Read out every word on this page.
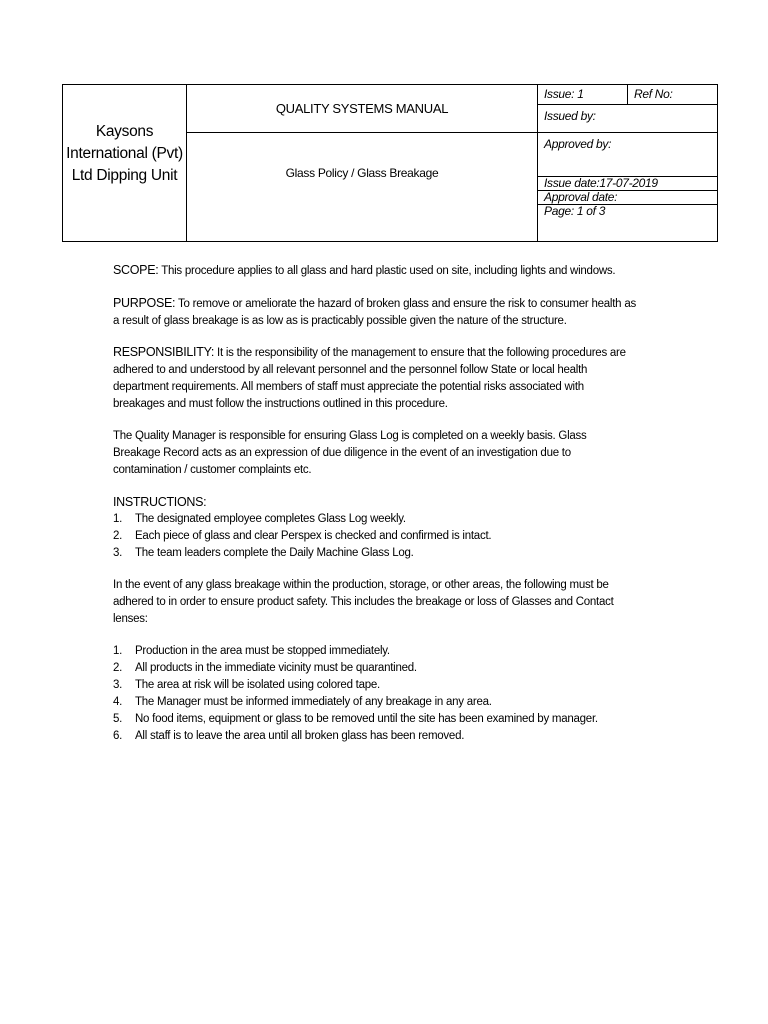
Kaysons
International (Pvt)
Ltd Dipping Unit
QUALITY SYSTEMS MANUAL
Glass Policy / Glass Breakage
Issue: 1	Ref No:
Issued by:
Approved by:
Issue date:17-07-2019
Approval date:
Page: 1 of 3

SCOPE: This procedure applies to all glass and hard plastic used on site, including lights and windows.

PURPOSE: To remove or ameliorate the hazard of broken glass and ensure the risk to consumer health as a result of glass breakage is as low as is practicably possible given the nature of the structure.

RESPONSIBILITY: It is the responsibility of the management to ensure that the following procedures are adhered to and understood by all relevant personnel and the personnel follow State or local health department requirements. All members of staff must appreciate the potential risks associated with breakages and must follow the instructions outlined in this procedure.

The Quality Manager is responsible for ensuring Glass Log is completed on a weekly basis. Glass Breakage Record acts as an expression of due diligence in the event of an investigation due to contamination / customer complaints etc.

INSTRUCTIONS:
1. The designated employee completes Glass Log weekly.
2. Each piece of glass and clear Perspex is checked and confirmed is intact.
3. The team leaders complete the Daily Machine Glass Log.

In the event of any glass breakage within the production, storage, or other areas, the following must be adhered to in order to ensure product safety. This includes the breakage or loss of Glasses and Contact lenses:

1. Production in the area must be stopped immediately.
2. All products in the immediate vicinity must be quarantined.
3. The area at risk will be isolated using colored tape.
4. The Manager must be informed immediately of any breakage in any area.
5. No food items, equipment or glass to be removed until the site has been examined by manager.
6. All staff is to leave the area until all broken glass has been removed.
